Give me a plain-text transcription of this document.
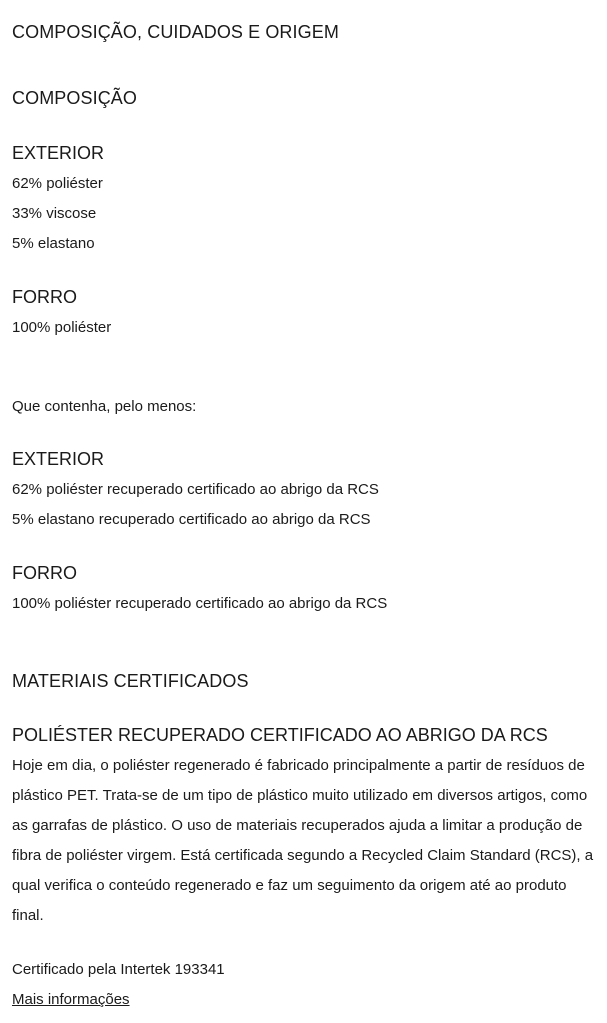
COMPOSIÇÃO, CUIDADOS E ORIGEM
COMPOSIÇÃO
EXTERIOR

62% poliéster

33% viscose

5% elastano

FORRO

100% poliéster

Que contenha, pelo menos:

EXTERIOR

62% poliéster recuperado certificado ao abrigo da RCS

5% elastano recuperado certificado ao abrigo da RCS

FORRO

100% poliéster recuperado certificado ao abrigo da RCS

MATERIAIS CERTIFICADOS
POLIÉSTER RECUPERADO CERTIFICADO AO ABRIGO DA RCS

Hoje em dia, o poliéster regenerado é fabricado principalmente a partir de resíduos de plástico PET. Trata-se de um tipo de plástico muito utilizado em diversos artigos, como as garrafas de plástico. O uso de materiais recuperados ajuda a limitar a produção de fibra de poliéster virgem. Está certificada segundo a Recycled Claim Standard (RCS), a qual verifica o conteúdo regenerado e faz um seguimento da origem até ao produto final.

Certificado pela Intertek 193341

Mais informações
